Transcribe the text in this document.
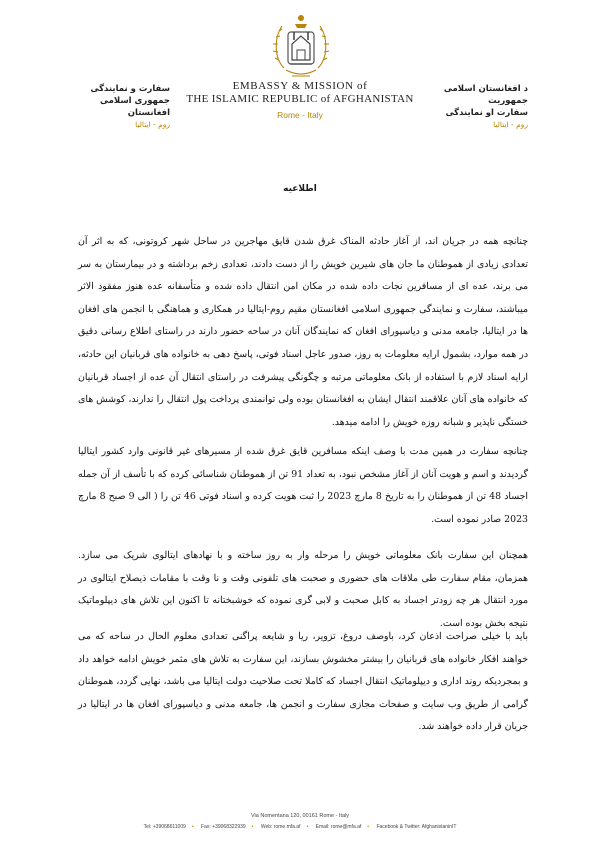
EMBASSY & MISSION of
THE ISLAMIC REPUBLIC of AFGHANISTAN
Rome - Italy
سفارت و نمایندگی
جمهوری اسلامی افغانستان
روم - ایتالیا
د افغانستان اسلامی جمهوریت
سفارت او نمایندگی
روم - ایتالیا
اطلاعیه

چنانچه همه در جریان اند، از آغاز حادثه المناک غرق شدن قایق مهاجرین در ساحل شهر کروتونی، که به اثر آن تعدادی زیادی از هموطنان ما جان های شیرین خویش را از دست دادند، تعدادی زخم برداشته و در بیمارستان به سر می برند، عده ای از مسافرین نجات داده شده در مکان امن انتقال داده شده و متأسفانه عده هنوز مفقود الاثر میباشند، سفارت و نمایندگی جمهوری اسلامی افغانستان مقیم روم-ایتالیا در همکاری و هماهنگی با انجمن های افغان ها در ایتالیا، جامعه مدنی و دیاسپورای افغان که نمایندگان آنان در ساحه حضور دارند در راستای اطلاع رسانی دقیق در همه موارد، بشمول ارایه معلومات به روز، صدور عاجل اسناد فوتی، پاسخ دهی به خانواده های قربانیان این حادثه، ارایه اسناد لازم با استفاده از بانک معلوماتی مرتبه و چگونگی پیشرفت در راستای انتقال آن عده از اجساد قربانیان که خانواده های آنان علاقمند انتقال ایشان به افغانستان بوده ولی توانمندی پرداخت پول انتقال را ندارند، کوشش های خستگی ناپذیر و شبانه روزه خویش را ادامه میدهد.

چنانچه سفارت در همین مدت با وصف اینکه مسافرین قایق غرق شده از مسیرهای غیر قانونی وارد کشور ایتالیا گردیدند و اسم و هویت آنان از آغاز مشخص نبود، به تعداد 91 تن از هموطنان شناسائی کرده که با تأسف از آن جمله اجساد 48 تن از هموطنان را به تاریخ 8 مارچ 2023 را ثبت هویت کرده و اسناد فوتی 46 تن را ( الی 9 صبح 8 مارچ 2023 صادر نموده است.

همچنان این سفارت بانک معلوماتی خویش را مرحله وار به روز ساخته و با نهادهای ایتالوی شریک می سازد. همزمان، مقام سفارت طی ملاقات های حضوری و صحبت های تلفونی وقت و نا وقت با مقامات ذیصلاح ایتالوی در مورد انتقال هر چه زودتر اجساد به کابل صحبت و لابی گری نموده که خوشبختانه تا اکنون این تلاش های دیپلوماتیک نتیجه بخش بوده است.

باید با خیلی صراحت اذعان کرد، باوصف دروغ، تزویر، ریا و شایعه پراگنی تعدادی معلوم الحال در ساحه که می خواهند افکار خانواده های قربانیان را بیشتر مخشوش بسازند، این سفارت به تلاش های مثمر خویش ادامه خواهد داد و بمجردیکه روند اداری و دیپلوماتیک انتقال اجساد که کاملا تحت صلاحیت دولت ایتالیا می باشد، نهایی گردد، هموطنان گرامی از طریق وب سایت و صفحات مجازی سفارت و انجمن ها، جامعه مدنی و دیاسپورای افغان ها در ایتالیا در جریان قرار داده خواهند شد.

Via Nomentana 120, 00161 Rome - Italy
Tel: +39068611009 • Fax: +39068322939 • Web: rome.mfa.af • Email: rome@mfa.af • Facebook & Twitter: AfghanistaninIT
